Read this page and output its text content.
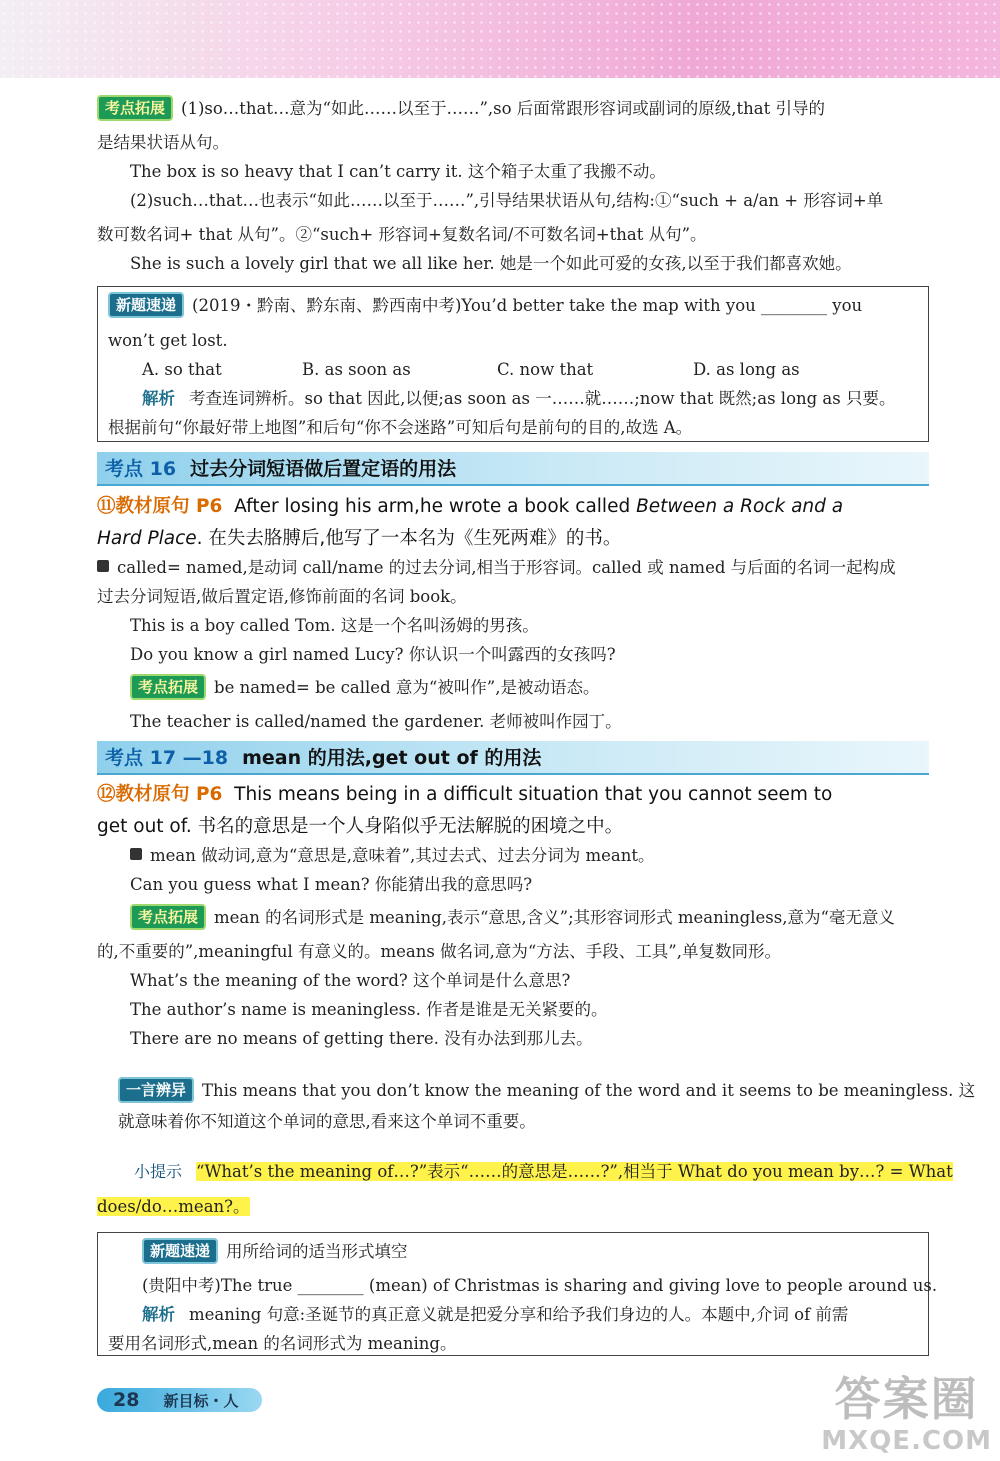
考点拓展 (1)so…that…意为“如此……以至于……”,so 后面常跟形容词或副词的原级,that 引导的
是结果状语从句。
The box is so heavy that I can’t carry it. 这个箱子太重了我搬不动。
(2)such…that…也表示“如此……以至于……”,引导结果状语从句,结构:①“such + a/an + 形容词+单
数可数名词+ that 从句”。②“such+ 形容词+复数名词/不可数名词+that 从句”。
She is such a lovely girl that we all like her. 她是一个如此可爱的女孩,以至于我们都喜欢她。
新题速递 (2019・黔南、黔东南、黔西南中考)You’d better take the map with you ________ you
won’t get lost.
A. so that	B. as soon as	C. now that	D. as long as
解析 考查连词辨析。so that 因此,以便;as soon as 一……就……;now that 既然;as long as 只要。
根据前句“你最好带上地图”和后句“你不会迷路”可知后句是前句的目的,故选 A。
考点 16 过去分词短语做后置定语的用法
⑪教材原句 P6 After losing his arm,he wrote a book called Between a Rock and a
Hard Place. 在失去胳膊后,他写了一本名为《生死两难》的书。
called= named,是动词 call/name 的过去分词,相当于形容词。called 或 named 与后面的名词一起构成
过去分词短语,做后置定语,修饰前面的名词 book。
This is a boy called Tom. 这是一个名叫汤姆的男孩。
Do you know a girl named Lucy? 你认识一个叫露西的女孩吗?
考点拓展 be named= be called 意为“被叫作”,是被动语态。
The teacher is called/named the gardener. 老师被叫作园丁。
考点 17 —18 mean 的用法,get out of 的用法
⑫教材原句 P6 This means being in a difficult situation that you cannot seem to
get out of. 书名的意思是一个人身陷似乎无法解脱的困境之中。
mean 做动词,意为“意思是,意味着”,其过去式、过去分词为 meant。
Can you guess what I mean? 你能猜出我的意思吗?
考点拓展 mean 的名词形式是 meaning,表示“意思,含义”;其形容词形式 meaningless,意为“毫无意义
的,不重要的”,meaningful 有意义的。means 做名词,意为“方法、手段、工具”,单复数同形。
What’s the meaning of the word? 这个单词是什么意思?
The author’s name is meaningless. 作者是谁是无关紧要的。
There are no means of getting there. 没有办法到那儿去。
一言辨异 This means that you don’t know the meaning of the word and it seems to be meaningless. 这
就意味着你不知道这个单词的意思,看来这个单词不重要。
小提示 “What’s the meaning of…?”表示“……的意思是……?”,相当于 What do you mean by…? = What
does/do…mean?。
新题速递 用所给词的适当形式填空
(贵阳中考)The true ________ (mean) of Christmas is sharing and giving love to people around us.
解析 meaning 句意:圣诞节的真正意义就是把爱分享和给予我们身边的人。本题中,介词 of 前需
要用名词形式,mean 的名词形式为 meaning。
28 新目标・人	答案圈
MXQE.COM
